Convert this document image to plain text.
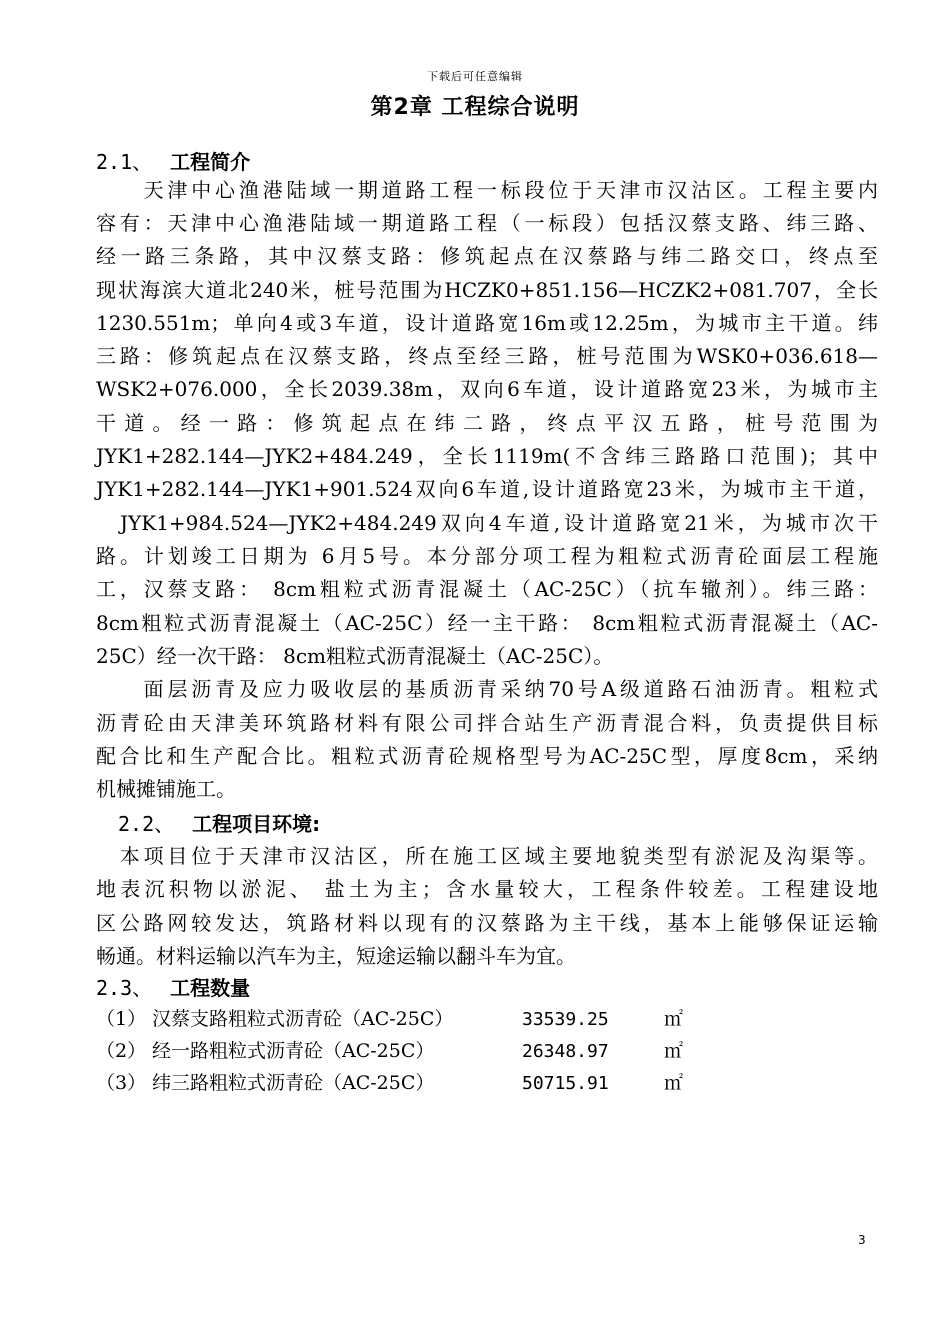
下载后可任意编辑
第2章 工程综合说明
2.1、 工程简介
　　天津中心渔港陆域一期道路工程一标段位于天津市汉沽区。工程主要内
容有：天津中心渔港陆域一期道路工程（一标段）包括汉蔡支路、纬三路、
经一路三条路，其中汉蔡支路：修筑起点在汉蔡路与纬二路交口，终点至
现状海滨大道北240米，桩号范围为HCZK0+851.156—HCZK2+081.707，全长
1230.551m；单向4或3车道，设计道路宽16m或12.25m，为城市主干道。纬
三路：修筑起点在汉蔡支路，终点至经三路，桩号范围为WSK0+036.618—
WSK2+076.000，全长2039.38m，双向6车道，设计道路宽23米，为城市主
干道。经一路：修筑起点在纬二路，终点平汉五路，桩号范围为
JYK1+282.144—JYK2+484.249，全长1119m(不含纬三路路口范围)；其中
JYK1+282.144—JYK1+901.524双向6车道,设计道路宽23米，为城市主干道，
　JYK1+984.524—JYK2+484.249双向4车道,设计道路宽21米，为城市次干
路。计划竣工日期为 6月5号。本分部分项工程为粗粒式沥青砼面层工程施
工，汉蔡支路： 8cm粗粒式沥青混凝土（AC-25C）（抗车辙剂）。纬三路：
8cm粗粒式沥青混凝土（AC-25C）经一主干路： 8cm粗粒式沥青混凝土（AC-
25C）经一次干路： 8cm粗粒式沥青混凝土（AC-25C）。
　　面层沥青及应力吸收层的基质沥青采纳70号A级道路石油沥青。粗粒式
沥青砼由天津美环筑路材料有限公司拌合站生产沥青混合料，负责提供目标
配合比和生产配合比。粗粒式沥青砼规格型号为AC-25C型，厚度8cm，采纳
机械摊铺施工。
2.2、 工程项目环境:
　本项目位于天津市汉沽区，所在施工区域主要地貌类型有淤泥及沟渠等。
地表沉积物以淤泥、 盐土为主；含水量较大，工程条件较差。工程建设地
区公路网较发达，筑路材料以现有的汉蔡路为主干线，基本上能够保证运输
畅通。材料运输以汽车为主，短途运输以翻斗车为宜。
2.3、 工程数量
（1） 汉蔡支路粗粒式沥青砼（AC-25C）	33539.25	㎡
（2） 经一路粗粒式沥青砼（AC-25C）	26348.97	㎡
（3） 纬三路粗粒式沥青砼（AC-25C）	50715.91	㎡
3
